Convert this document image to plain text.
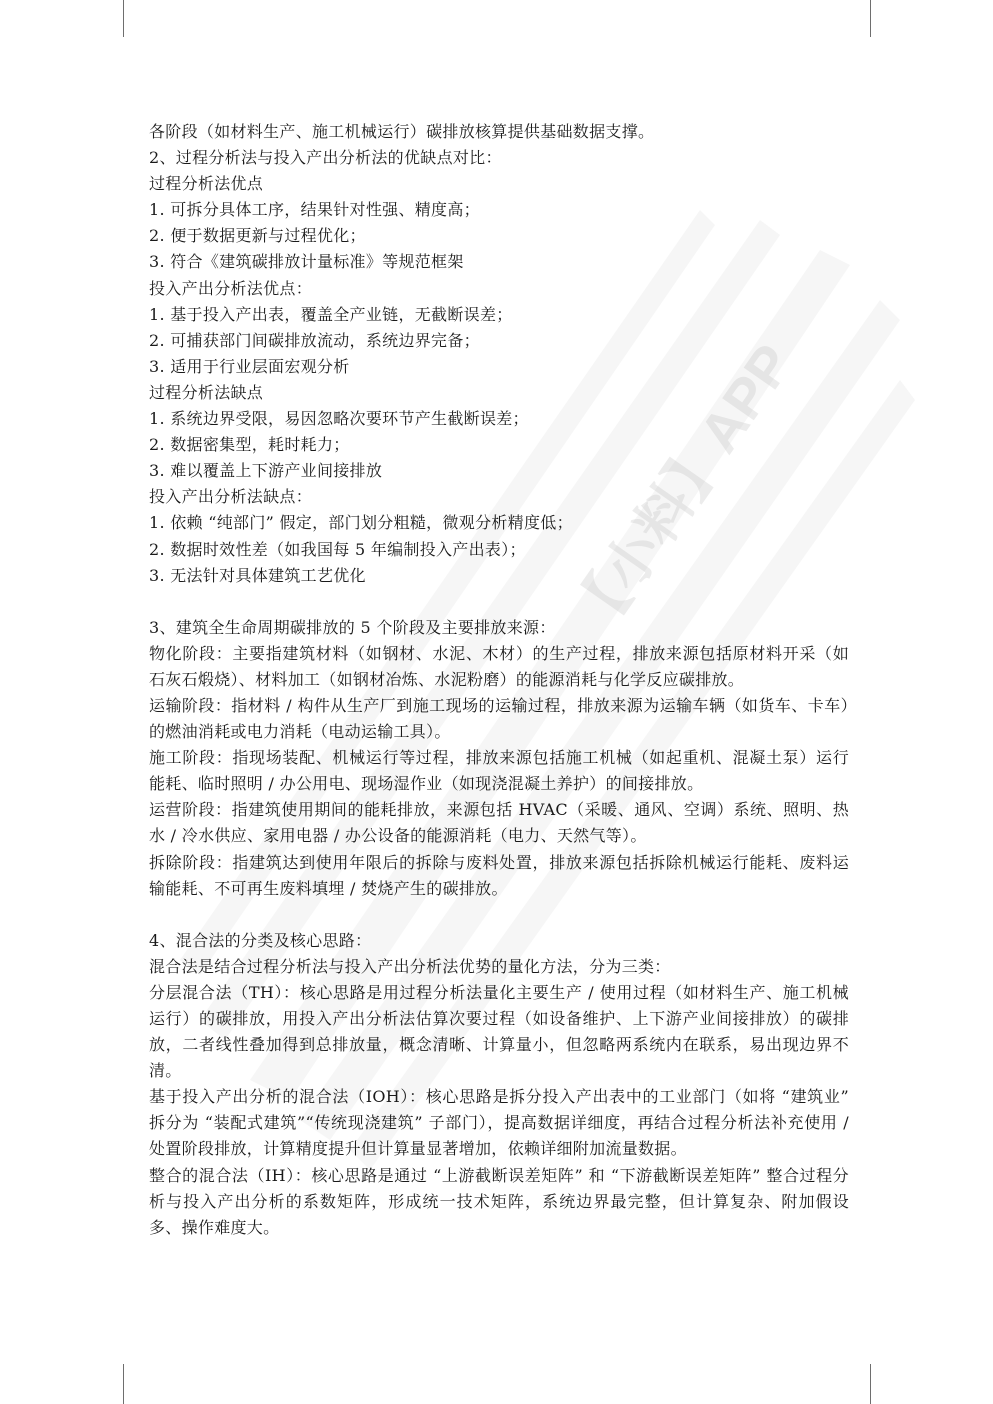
【小料】APP

各阶段（如材料生产、施工机械运行）碳排放核算提供基础数据支撑。

2、过程分析法与投入产出分析法的优缺点对比：

过程分析法优点

1. 可拆分具体工序，结果针对性强、精度高；

2. 便于数据更新与过程优化；

3. 符合《建筑碳排放计量标准》等规范框架

投入产出分析法优点：

1. 基于投入产出表，覆盖全产业链，无截断误差；

2. 可捕获部门间碳排放流动，系统边界完备；

3. 适用于行业层面宏观分析

过程分析法缺点

1. 系统边界受限，易因忽略次要环节产生截断误差；

2. 数据密集型，耗时耗力；

3. 难以覆盖上下游产业间接排放

投入产出分析法缺点：

1. 依赖 “纯部门” 假定，部门划分粗糙，微观分析精度低；

2. 数据时效性差（如我国每 5 年编制投入产出表）；

3. 无法针对具体建筑工艺优化

3、建筑全生命周期碳排放的 5 个阶段及主要排放来源：

物化阶段：主要指建筑材料（如钢材、水泥、木材）的生产过程，排放来源包括原材料开采（如石灰石煅烧）、材料加工（如钢材冶炼、水泥粉磨）的能源消耗与化学反应碳排放。

运输阶段：指材料 / 构件从生产厂到施工现场的运输过程，排放来源为运输车辆（如货车、卡车）的燃油消耗或电力消耗（电动运输工具）。

施工阶段：指现场装配、机械运行等过程，排放来源包括施工机械（如起重机、混凝土泵）运行能耗、临时照明 / 办公用电、现场湿作业（如现浇混凝土养护）的间接排放。

运营阶段：指建筑使用期间的能耗排放，来源包括 HVAC（采暖、通风、空调）系统、照明、热水 / 冷水供应、家用电器 / 办公设备的能源消耗（电力、天然气等）。

拆除阶段：指建筑达到使用年限后的拆除与废料处置，排放来源包括拆除机械运行能耗、废料运输能耗、不可再生废料填埋 / 焚烧产生的碳排放。

4、混合法的分类及核心思路：

混合法是结合过程分析法与投入产出分析法优势的量化方法，分为三类：

分层混合法（TH）：核心思路是用过程分析法量化主要生产 / 使用过程（如材料生产、施工机械运行）的碳排放，用投入产出分析法估算次要过程（如设备维护、上下游产业间接排放）的碳排放，二者线性叠加得到总排放量，概念清晰、计算量小，但忽略两系统内在联系，易出现边界不清。

基于投入产出分析的混合法（IOH）：核心思路是拆分投入产出表中的工业部门（如将 “建筑业” 拆分为 “装配式建筑”“传统现浇建筑” 子部门），提高数据详细度，再结合过程分析法补充使用 / 处置阶段排放，计算精度提升但计算量显著增加，依赖详细附加流量数据。

整合的混合法（IH）：核心思路是通过 “上游截断误差矩阵” 和 “下游截断误差矩阵” 整合过程分析与投入产出分析的系数矩阵，形成统一技术矩阵，系统边界最完整，但计算复杂、附加假设多、操作难度大。
